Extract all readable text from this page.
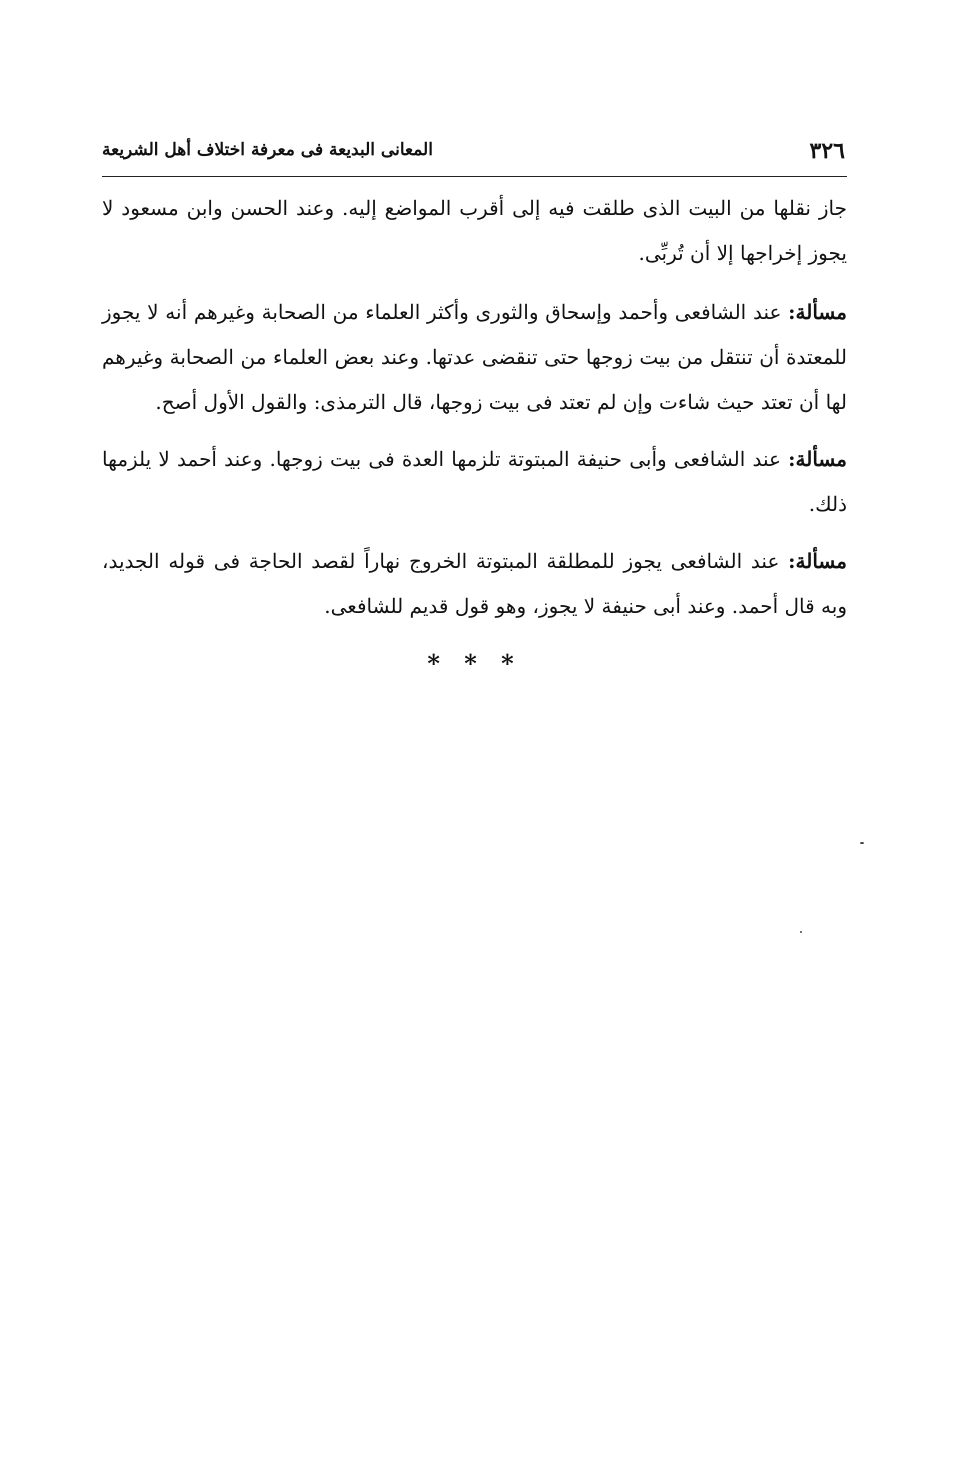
٣٢٦
المعانى البديعة فى معرفة اختلاف أهل الشريعة

جاز نقلها من البيت الذى طلقت فيه إلى أقرب المواضع إليه. وعند الحسن وابن مسعود لا يجوز إخراجها إلا أن تُربِّى.

مسألة: عند الشافعى وأحمد وإسحاق والثورى وأكثر العلماء من الصحابة وغيرهم أنه لا يجوز للمعتدة أن تنتقل من بيت زوجها حتى تنقضى عدتها. وعند بعض العلماء من الصحابة وغيرهم لها أن تعتد حيث شاءت وإن لم تعتد فى بيت زوجها، قال الترمذى: والقول الأول أصح.

مسألة: عند الشافعى وأبى حنيفة المبتوتة تلزمها العدة فى بيت زوجها. وعند أحمد لا يلزمها ذلك.

مسألة: عند الشافعى يجوز للمطلقة المبتوتة الخروج نهاراً لقصد الحاجة فى قوله الجديد، وبه قال أحمد. وعند أبى حنيفة لا يجوز، وهو قول قديم للشافعى.

* * *
